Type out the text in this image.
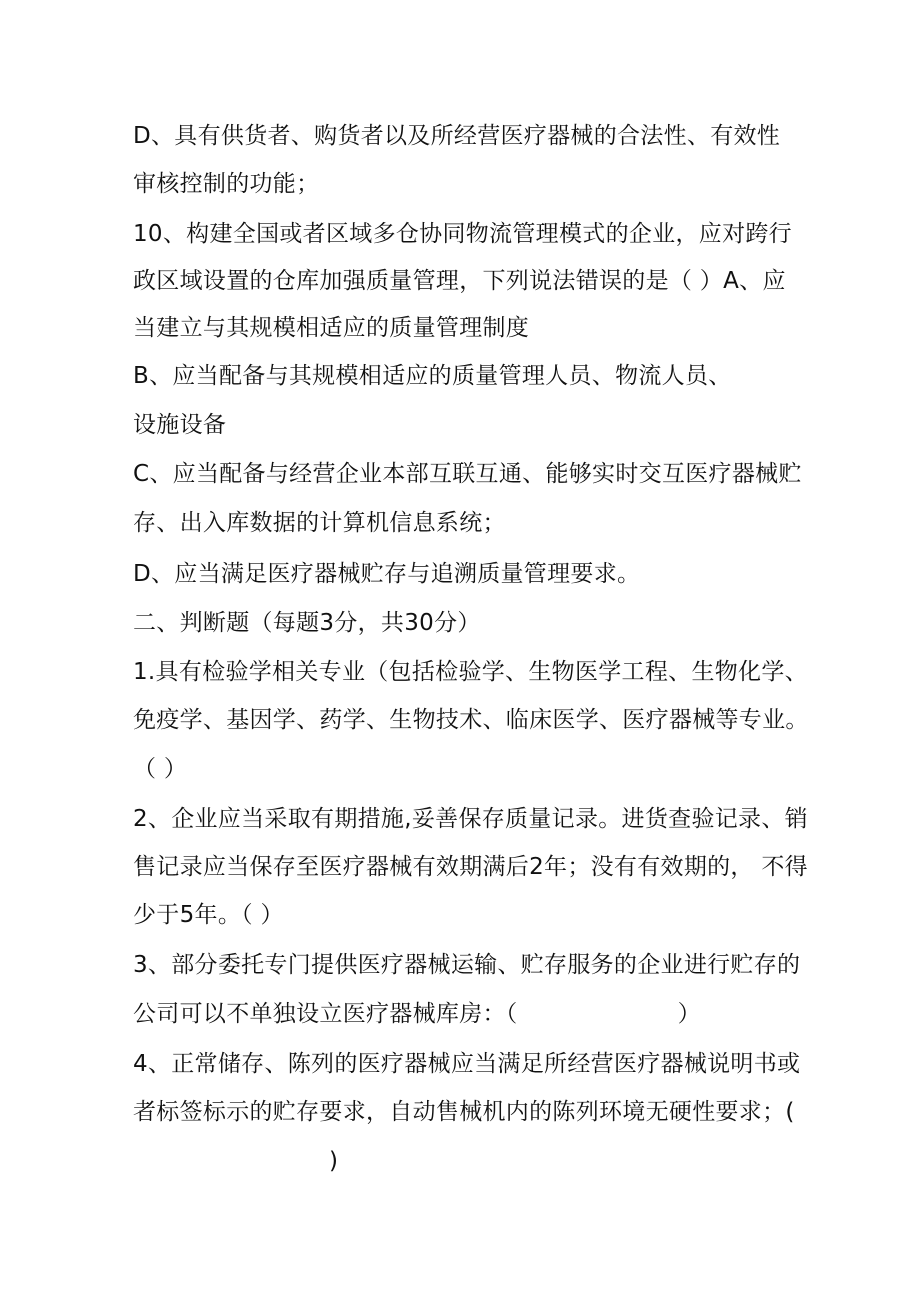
D、具有供货者、购货者以及所经营医疗器械的合法性、有效性
审核控制的功能；
10、构建全国或者区域多仓协同物流管理模式的企业，应对跨行
政区域设置的仓库加强质量管理，下列说法错误的是（ ）A、应
当建立与其规模相适应的质量管理制度
B、应当配备与其规模相适应的质量管理人员、物流人员、
设施设备
C、应当配备与经营企业本部互联互通、能够实时交互医疗器械贮
存、出入库数据的计算机信息系统；
D、应当满足医疗器械贮存与追溯质量管理要求。
二、判断题（每题3分，共30分）
1.具有检验学相关专业（包括检验学、生物医学工程、生物化学、
免疫学、基因学、药学、生物技术、临床医学、医疗器械等专业。
（ ）
2、企业应当采取有期措施,妥善保存质量记录。进货查验记录、销
售记录应当保存至医疗器械有效期满后2年；没有有效期的， 不得
少于5年。（ ）
3、部分委托专门提供医疗器械运输、贮存服务的企业进行贮存的
公司可以不单独设立医疗器械库房：（	）
4、正常储存、陈列的医疗器械应当满足所经营医疗器械说明书或
者标签标示的贮存要求，自动售械机内的陈列环境无硬性要求；(
)
